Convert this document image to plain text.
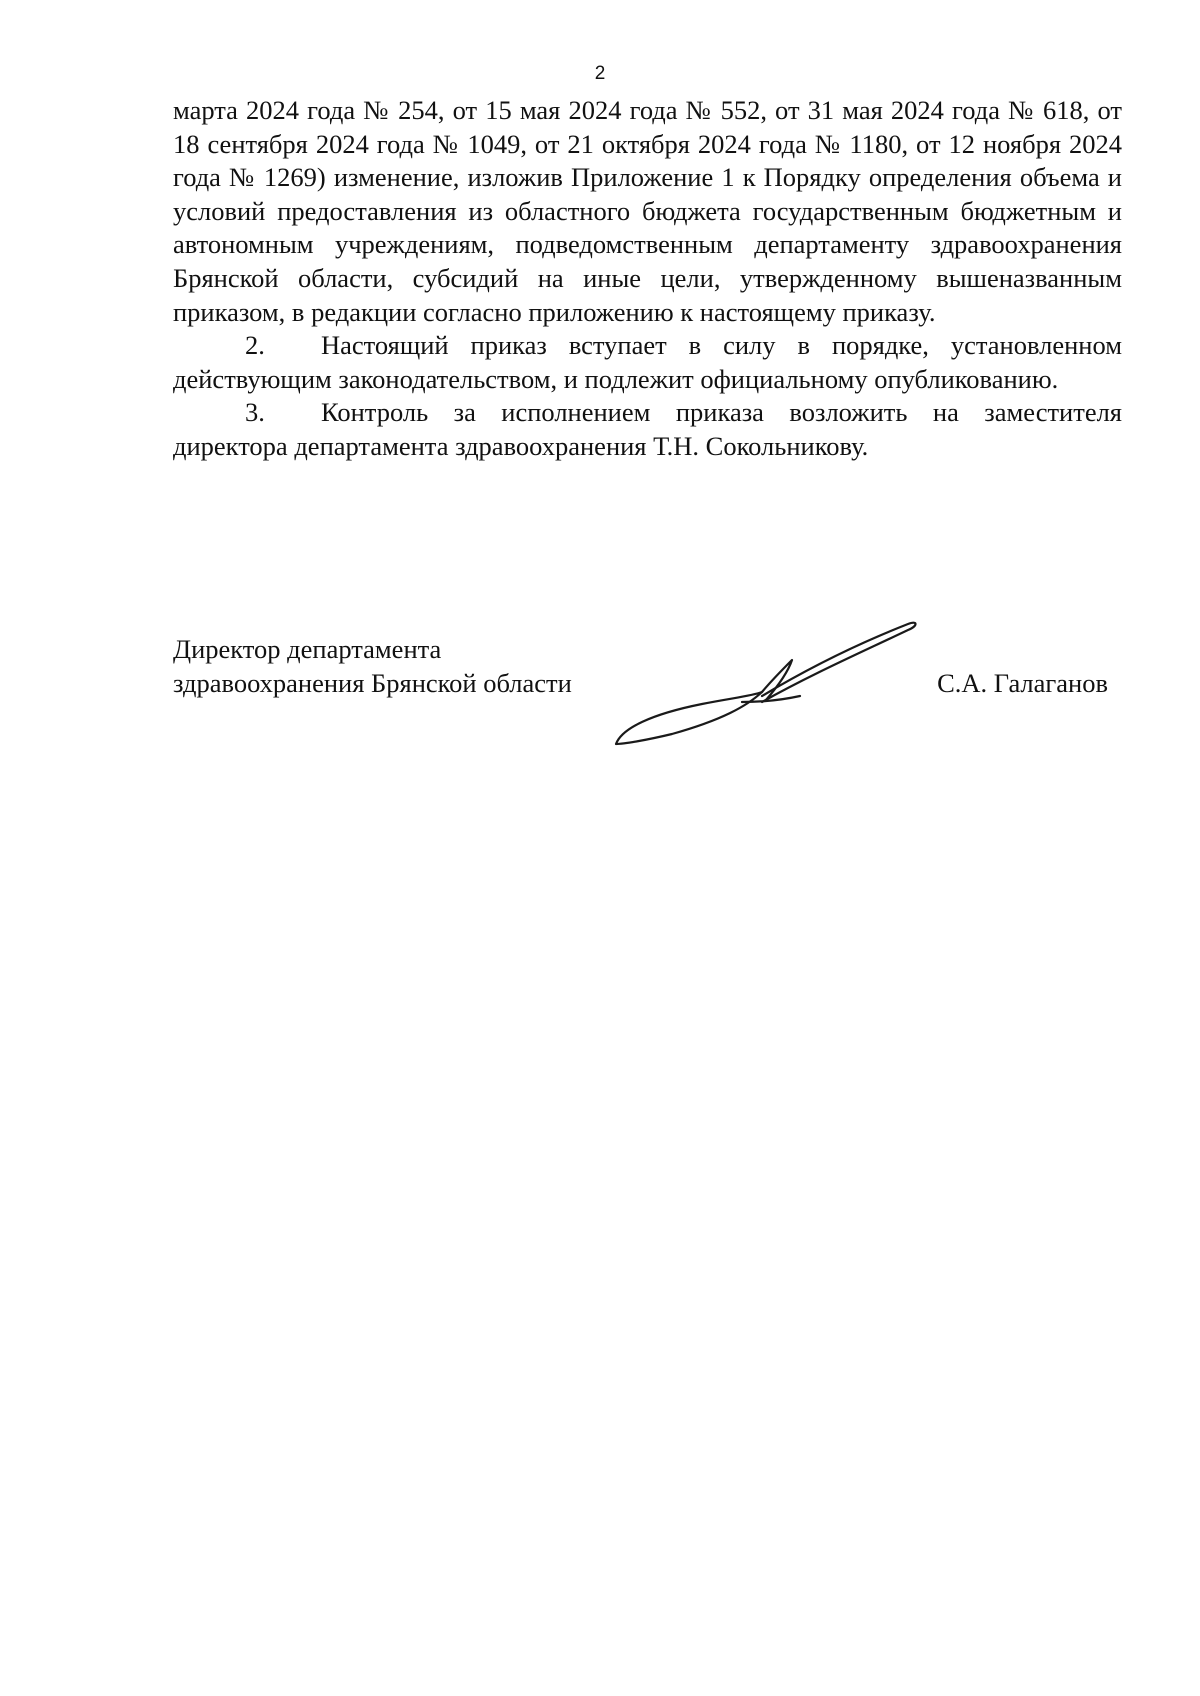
2

марта 2024 года № 254, от 15 мая 2024 года № 552, от 31 мая 2024 года № 618, от 18 сентября 2024 года № 1049, от 21 октября 2024 года № 1180, от 12 ноября 2024 года № 1269) изменение, изложив Приложение 1 к Порядку определения объема и условий предоставления из областного бюджета государственным бюджетным и автономным учреждениям, подведомственным департаменту здравоохранения Брянской области, субсидий на иные цели, утвержденному вышеназванным приказом, в редакции согласно приложению к настоящему приказу.

2. Настоящий приказ вступает в силу в порядке, установленном действующим законодательством, и подлежит официальному опубликованию.

3. Контроль за исполнением приказа возложить на заместителя директора департамента здравоохранения Т.Н. Сокольникову.

Директор департамента
здравоохранения Брянской области	С.А. Галаганов
